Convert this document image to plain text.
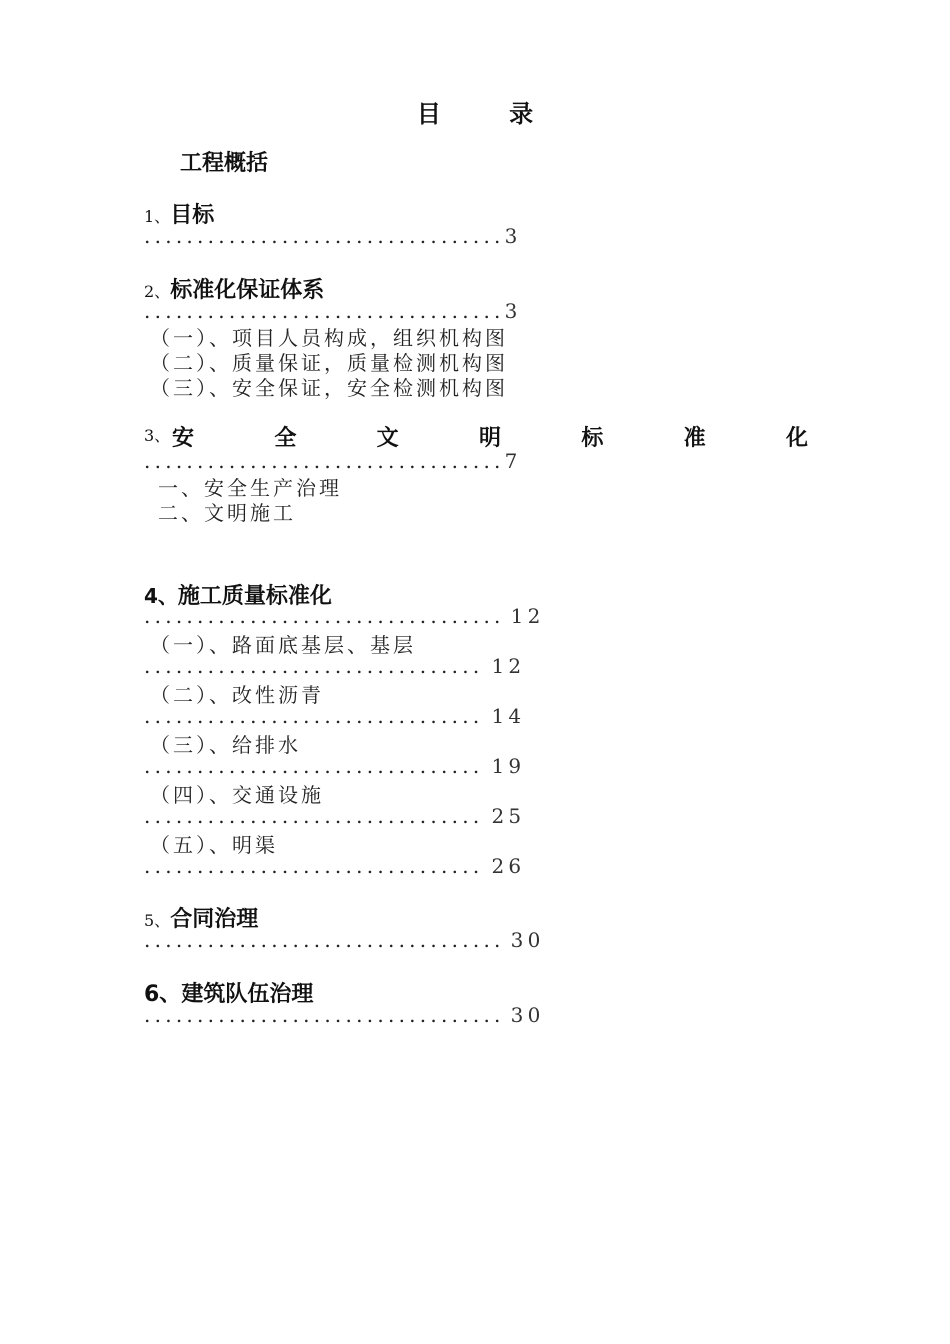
目 录
工程概括
1、目标
..................................3
2、标准化保证体系
..................................3
（一）、项目人员构成，组织机构图
（二）、质量保证，质量检测机构图
（三）、安全保证，安全检测机构图
3、 安	全	文	明	标	准	化
..................................7
一、安全生产治理
二、文明施工
4、施工质量标准化
.................................. 12
（一）、路面底基层、基层
................................ 12
（二）、改性沥青
................................ 14
（三）、给排水
................................ 19
（四）、交通设施
................................ 25
（五）、明渠
................................ 26
5、合同治理
.................................. 30
6、建筑队伍治理
.................................. 30
